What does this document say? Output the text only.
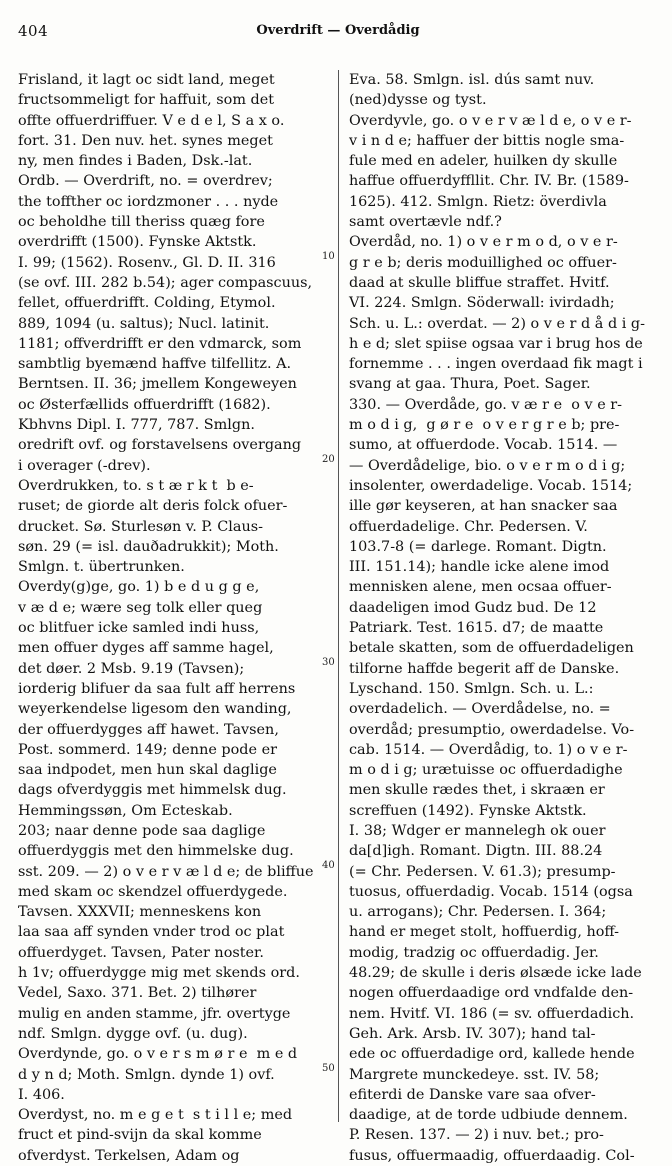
404	Overdrift — Overdådig
Frisland, it lagt oc sidt land, meget
fructsommeligt for haffuit, som det
offte offuerdriffuer. V e d e l, S a x o.
fort. 31. Den nuv. het. synes meget
ny, men findes i Baden, Dsk.-lat.
Ordb. — Overdrift, no. = overdrev;
the toffther oc iordzmoner . . . nyde
oc beholdhe till theriss quæg fore
overdrifft (1500). Fynske Aktstk.
I. 99; (1562). Rosenv., Gl. D. II. 316
(se ovf. III. 282 b.54); ager compascuus,
fellet, offuerdrifft. Colding, Etymol.
889, 1094 (u. saltus); Nucl. latinit.
1181; offverdrifft er den vdmarck, som
sambtlig byemænd haffve tilfellitz. A.
Berntsen. II. 36; jmellem Kongeweyen
oc Østerfællids offuerdrifft (1682).
Kbhvns Dipl. I. 777, 787. Smlgn.
oredrift ovf. og forstavelsens overgang
i overager (-drev).
Overdrukken, to. s t æ r k t  b e-
ruset; de giorde alt deris folck ofuer-
drucket. Sø. Sturlesøn v. P. Claus-
søn. 29 (= isl. dauðadrukkit); Moth.
Smlgn. t. übertrunken.
Overdy(g)ge, go. 1) b e d u g g e,
v æ d e; wære seg tolk eller queg
oc blitfuer icke samled indi huss,
men offuer dyges aff samme hagel,
det døer. 2 Msb. 9.19 (Tavsen);
iorderig blifuer da saa fult aff herrens
weyerkendelse ligesom den wanding,
der offuerdygges aff hawet. Tavsen,
Post. sommerd. 149; denne pode er
saa indpodet, men hun skal daglige
dags ofverdyggis met himmelsk dug.
Hemmingssøn, Om Ecteskab.
203; naar denne pode saa daglige
offuerdyggis met den himmelske dug.
sst. 209. — 2) o v e r v æ l d e; de bliffue
med skam oc skendzel offuerdygede.
Tavsen. XXXVII; menneskens kon
laa saa aff synden vnder trod oc plat
offuerdyget. Tavsen, Pater noster.
h 1v; offuerdygge mig met skends ord.
Vedel, Saxo. 371. Bet. 2) tilhører
mulig en anden stamme, jfr. overtyge
ndf. Smlgn. dygge ovf. (u. dug).
Overdynde, go. o v e r s m ø r e  m e d
d y n d; Moth. Smlgn. dynde 1) ovf.
I. 406.
Overdyst, no. m e g e t  s t i l l e; med
fruct et pind-svijn da skal komme
ofverdyst. Terkelsen, Adam og
Eva. 58. Smlgn. isl. dús samt nuv.
(ned)dysse og tyst.
Overdyvle, go. o v e r v æ l d e, o v e r-
v i n d e; haffuer der bittis nogle sma-
fule med en adeler, huilken dy skulle
haffue offuerdyffllit. Chr. IV. Br. (1589-
1625). 412. Smlgn. Rietz: överdivla
samt overtævle ndf.?
Overdåd, no. 1) o v e r m o d, o v e r-
g r e b; deris moduillighed oc offuer-
daad at skulle bliffue straffet. Hvitf.
VI. 224. Smlgn. Söderwall: ivirdadh;
Sch. u. L.: overdat. — 2) o v e r d å d i g-
h e d; slet spiise ogsaa var i brug hos de
fornemme . . . ingen overdaad fik magt i
svang at gaa. Thura, Poet. Sager.
330. — Overdåde, go. v æ r e  o v e r-
m o d i g,  g ø r e  o v e r g r e b; pre-
sumo, at offuerdode. Vocab. 1514. —
— Overdådelige, bio. o v e r m o d i g;
insolenter, owerdadelige. Vocab. 1514;
ille gør keyseren, at han snacker saa
offuerdadelige. Chr. Pedersen. V.
103.7-8 (= darlege. Romant. Digtn.
III. 151.14); handle icke alene imod
mennisken alene, men ocsaa offuer-
daadeligen imod Gudz bud. De 12
Patriark. Test. 1615. d7; de maatte
betale skatten, som de offuerdadeligen
tilforne haffde begerit aff de Danske.
Lyschand. 150. Smlgn. Sch. u. L.:
overdadelich. — Overdådelse, no. =
overdåd; presumptio, owerdadelse. Vo-
cab. 1514. — Overdådig, to. 1) o v e r-
m o d i g; urætuisse oc offuerdadighe
men skulle rædes thet, i skraæn er
screffuen (1492). Fynske Aktstk.
I. 38; Wdger er mannelegh ok ouer
da[d]igh. Romant. Digtn. III. 88.24
(= Chr. Pedersen. V. 61.3); presump-
tuosus, offuerdadig. Vocab. 1514 (ogsa
u. arrogans); Chr. Pedersen. I. 364;
hand er meget stolt, hoffuerdig, hoff-
modig, tradzig oc offuerdadig. Jer.
48.29; de skulle i deris ølsæde icke lade
nogen offuerdaadige ord vndfalde den-
nem. Hvitf. VI. 186 (= sv. offuerdadich.
Geh. Ark. Arsb. IV. 307); hand tal-
ede oc offuerdadige ord, kallede hende
Margrete munckedeye. sst. IV. 58;
efiterdi de Danske vare saa ofver-
daadige, at de torde udbiude dennem.
P. Resen. 137. — 2) i nuv. bet.; pro-
fusus, offuermaadig, offuerdaadig. Col-
10
20
30
40
50
